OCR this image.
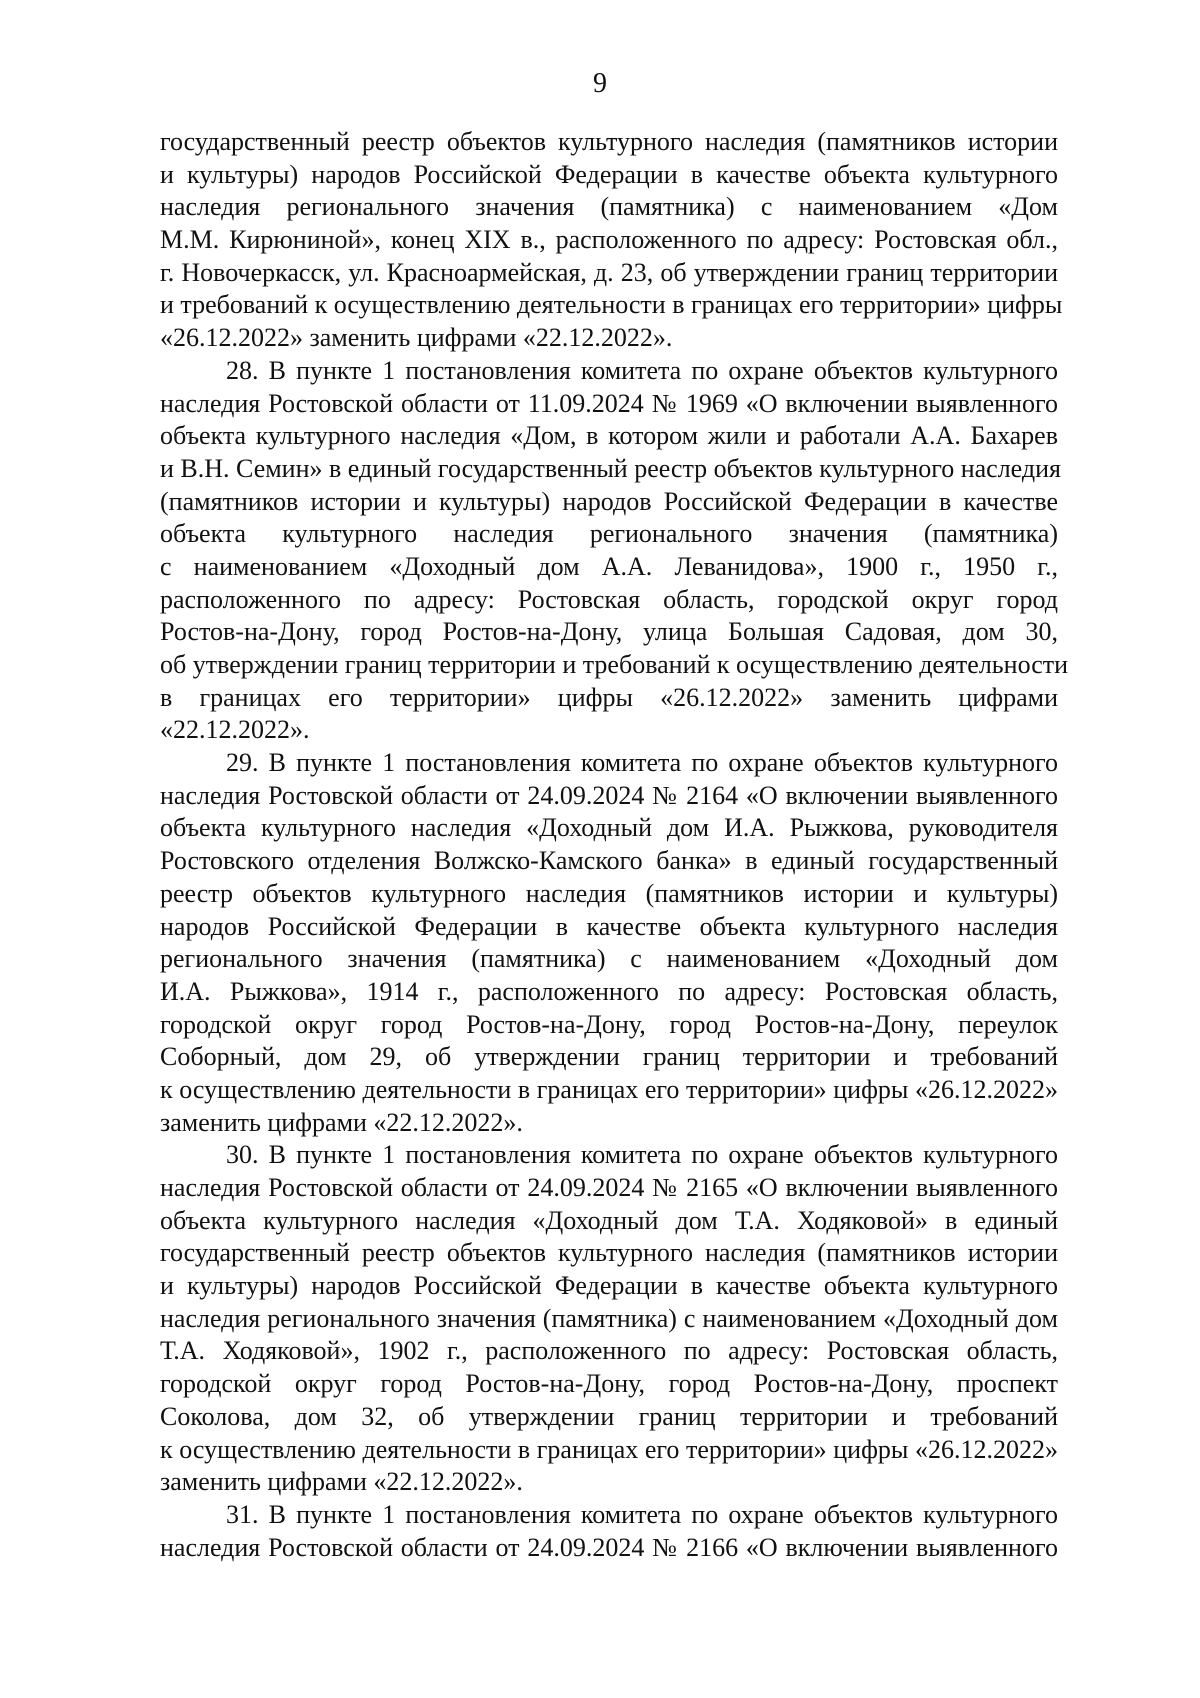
9
государственный реестр объектов культурного наследия (памятников истории
и культуры) народов Российской Федерации в качестве объекта культурного
наследия регионального значения (памятника) с наименованием «Дом
М.М. Кирюниной», конец XIX в., расположенного по адресу: Ростовская обл.,
г. Новочеркасск, ул. Красноармейская, д. 23, об утверждении границ территории
и требований к осуществлению деятельности в границах его территории» цифры
«26.12.2022» заменить цифрами «22.12.2022».
28. В пункте 1 постановления комитета по охране объектов культурного
наследия Ростовской области от 11.09.2024 № 1969 «О включении выявленного
объекта культурного наследия «Дом, в котором жили и работали А.А. Бахарев
и В.Н. Семин» в единый государственный реестр объектов культурного наследия
(памятников истории и культуры) народов Российской Федерации в качестве
объекта культурного наследия регионального значения (памятника)
с наименованием «Доходный дом А.А. Леванидова», 1900 г., 1950 г.,
расположенного по адресу: Ростовская область, городской округ город
Ростов-на-Дону, город Ростов-на-Дону, улица Большая Садовая, дом 30,
об утверждении границ территории и требований к осуществлению деятельности
в границах его территории» цифры «26.12.2022» заменить цифрами
«22.12.2022».
29. В пункте 1 постановления комитета по охране объектов культурного
наследия Ростовской области от 24.09.2024 № 2164 «О включении выявленного
объекта культурного наследия «Доходный дом И.А. Рыжкова, руководителя
Ростовского отделения Волжско-Камского банка» в единый государственный
реестр объектов культурного наследия (памятников истории и культуры)
народов Российской Федерации в качестве объекта культурного наследия
регионального значения (памятника) с наименованием «Доходный дом
И.А. Рыжкова», 1914 г., расположенного по адресу: Ростовская область,
городской округ город Ростов-на-Дону, город Ростов-на-Дону, переулок
Соборный, дом 29, об утверждении границ территории и требований
к осуществлению деятельности в границах его территории» цифры «26.12.2022»
заменить цифрами «22.12.2022».
30. В пункте 1 постановления комитета по охране объектов культурного
наследия Ростовской области от 24.09.2024 № 2165 «О включении выявленного
объекта культурного наследия «Доходный дом Т.А. Ходяковой» в единый
государственный реестр объектов культурного наследия (памятников истории
и культуры) народов Российской Федерации в качестве объекта культурного
наследия регионального значения (памятника) с наименованием «Доходный дом
Т.А. Ходяковой», 1902 г., расположенного по адресу: Ростовская область,
городской округ город Ростов-на-Дону, город Ростов-на-Дону, проспект
Соколова, дом 32, об утверждении границ территории и требований
к осуществлению деятельности в границах его территории» цифры «26.12.2022»
заменить цифрами «22.12.2022».
31. В пункте 1 постановления комитета по охране объектов культурного
наследия Ростовской области от 24.09.2024 № 2166 «О включении выявленного
